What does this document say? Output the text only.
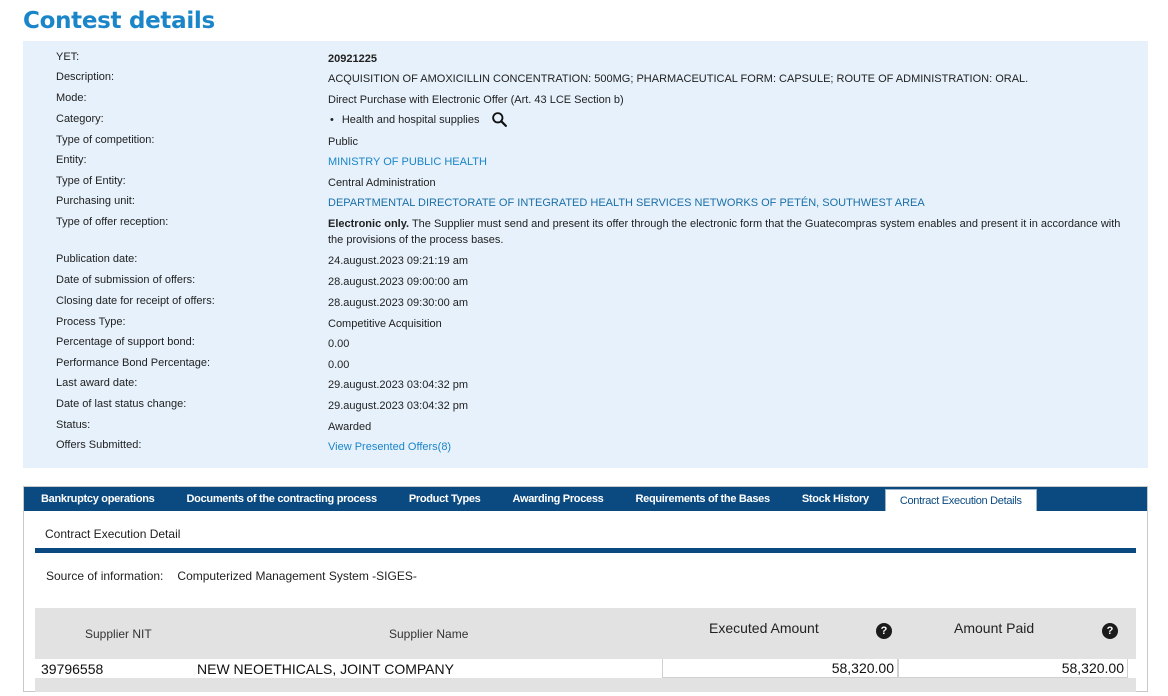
Contest details
YET:	20921225
Description:	ACQUISITION OF AMOXICILLIN CONCENTRATION: 500MG; PHARMACEUTICAL FORM: CAPSULE; ROUTE OF ADMINISTRATION: ORAL.
Mode:	Direct Purchase with Electronic Offer (Art. 43 LCE Section b)
Category:	• Health and hospital supplies
Type of competition:	Public
Entity:	MINISTRY OF PUBLIC HEALTH
Type of Entity:	Central Administration
Purchasing unit:	DEPARTMENTAL DIRECTORATE OF INTEGRATED HEALTH SERVICES NETWORKS OF PETÉN, SOUTHWEST AREA
Type of offer reception:	Electronic only. The Supplier must send and present its offer through the electronic form that the Guatecompras system enables and present it in accordance with the provisions of the process bases.
Publication date:	24.august.2023 09:21:19 am
Date of submission of offers:	28.august.2023 09:00:00 am
Closing date for receipt of offers:	28.august.2023 09:30:00 am
Process Type:	Competitive Acquisition
Percentage of support bond:	0.00
Performance Bond Percentage:	0.00
Last award date:	29.august.2023 03:04:32 pm
Date of last status change:	29.august.2023 03:04:32 pm
Status:	Awarded
Offers Submitted:	View Presented Offers(8)
Bankruptcy operations	Documents of the contracting process	Product Types	Awarding Process	Requirements of the Bases	Stock History	Contract Execution Details
Contract Execution Detail
Source of information: Computerized Management System -SIGES-
Supplier NIT	Supplier Name	Executed Amount	?	Amount Paid	?
39796558	NEW NEOETHICALS, JOINT COMPANY	58,320.00	58,320.00
